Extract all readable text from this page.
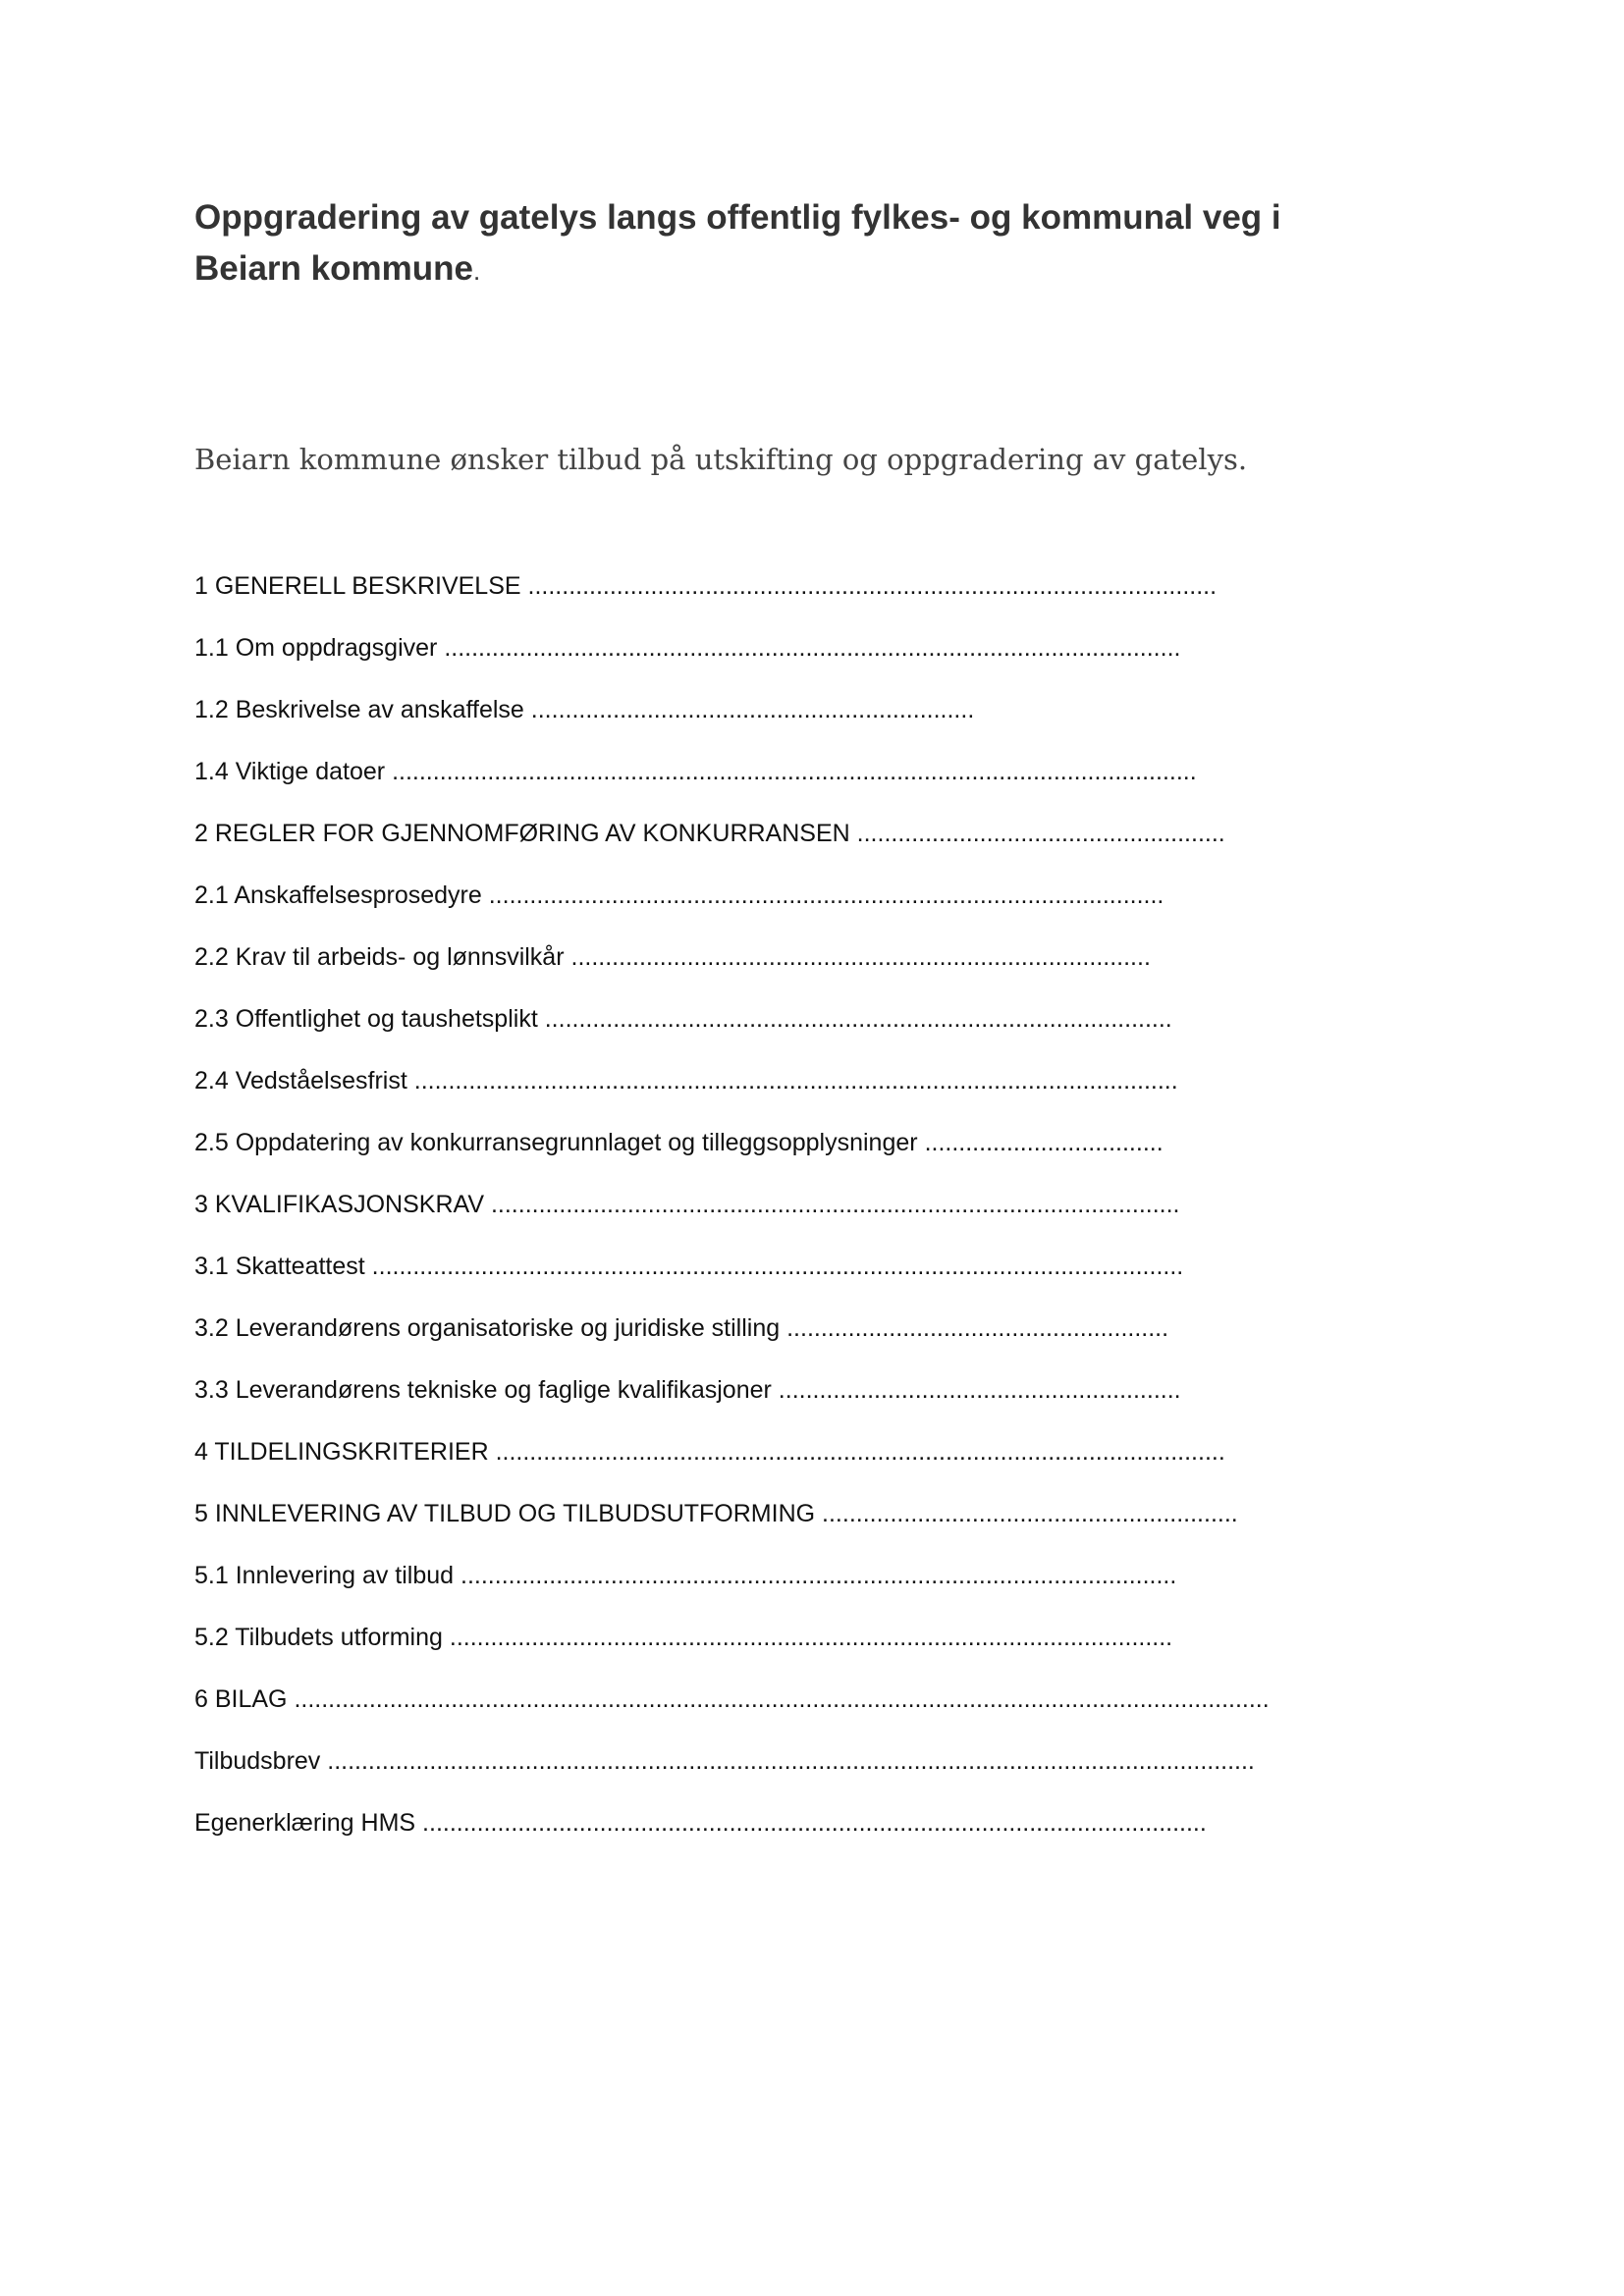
Oppgradering av gatelys langs offentlig fylkes- og kommunal veg i Beiarn kommune.

Beiarn kommune ønsker tilbud på utskifting og oppgradering av gatelys.

1 GENERELL BESKRIVELSE .....................................................................................................
1.1 Om oppdragsgiver ............................................................................................................
1.2 Beskrivelse av anskaffelse .................................................................
1.4 Viktige datoer ......................................................................................................................
2 REGLER FOR GJENNOMFØRING AV KONKURRANSEN ......................................................
2.1 Anskaffelsesprosedyre ...................................................................................................
2.2 Krav til arbeids- og lønnsvilkår .....................................................................................
2.3 Offentlighet og taushetsplikt ............................................................................................
2.4 Vedståelsesfrist ................................................................................................................
2.5 Oppdatering av konkurransegrunnlaget og tilleggsopplysninger ...................................
3 KVALIFIKASJONSKRAV .....................................................................................................
3.1 Skatteattest .......................................................................................................................
3.2 Leverandørens organisatoriske og juridiske stilling ........................................................
3.3 Leverandørens tekniske og faglige kvalifikasjoner ...........................................................
4 TILDELINGSKRITERIER ...........................................................................................................
5 INNLEVERING AV TILBUD OG TILBUDSUTFORMING .............................................................
5.1 Innlevering av tilbud .........................................................................................................
5.2 Tilbudets utforming ..........................................................................................................
6 BILAG ...............................................................................................................................................
Tilbudsbrev ........................................................................................................................................
Egenerklæring HMS ...................................................................................................................
